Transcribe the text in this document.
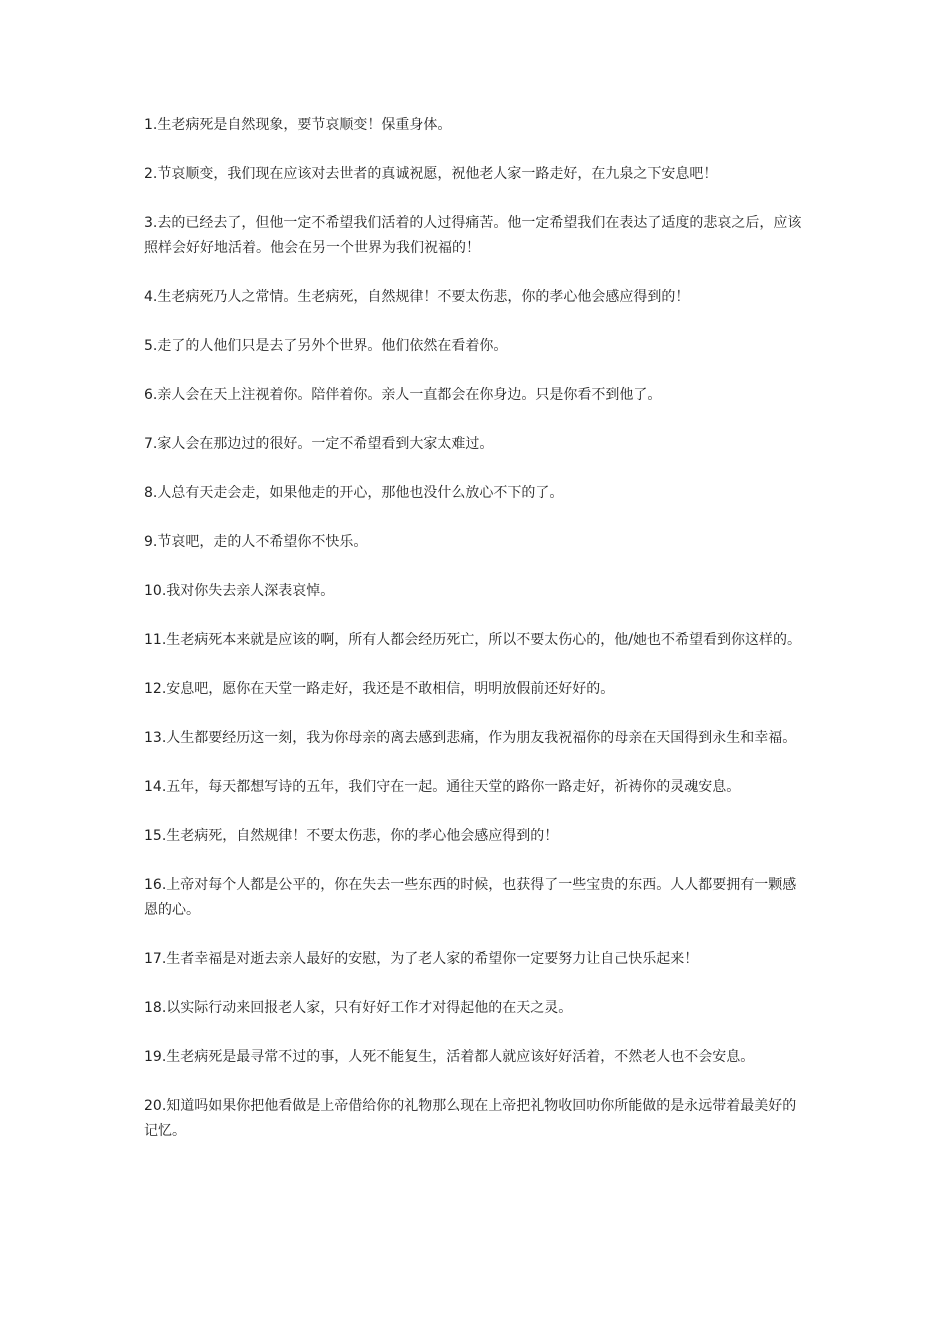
1.生老病死是自然现象，要节哀顺变！保重身体。

2.节哀顺变，我们现在应该对去世者的真诚祝愿，祝他老人家一路走好，在九泉之下安息吧！

3.去的已经去了，但他一定不希望我们活着的人过得痛苦。他一定希望我们在表达了适度的悲哀之后，应该照样会好好地活着。他会在另一个世界为我们祝福的！

4.生老病死乃人之常情。生老病死，自然规律！不要太伤悲，你的孝心他会感应得到的！

5.走了的人他们只是去了另外个世界。他们依然在看着你。

6.亲人会在天上注视着你。陪伴着你。亲人一直都会在你身边。只是你看不到他了。

7.家人会在那边过的很好。一定不希望看到大家太难过。

8.人总有天走会走，如果他走的开心，那他也没什么放心不下的了。

9.节哀吧，走的人不希望你不快乐。

10.我对你失去亲人深表哀悼。

11.生老病死本来就是应该的啊，所有人都会经历死亡，所以不要太伤心的，他/她也不希望看到你这样的。

12.安息吧，愿你在天堂一路走好，我还是不敢相信，明明放假前还好好的。

13.人生都要经历这一刻，我为你母亲的离去感到悲痛，作为朋友我祝福你的母亲在天国得到永生和幸福。

14.五年，每天都想写诗的五年，我们守在一起。通往天堂的路你一路走好，祈祷你的灵魂安息。

15.生老病死，自然规律！不要太伤悲，你的孝心他会感应得到的！

16.上帝对每个人都是公平的，你在失去一些东西的时候，也获得了一些宝贵的东西。人人都要拥有一颗感恩的心。

17.生者幸福是对逝去亲人最好的安慰，为了老人家的希望你一定要努力让自己快乐起来！

18.以实际行动来回报老人家，只有好好工作才对得起他的在天之灵。

19.生老病死是最寻常不过的事，人死不能复生，活着都人就应该好好活着，不然老人也不会安息。

20.知道吗如果你把他看做是上帝借给你的礼物那么现在上帝把礼物收回叻你所能做的是永远带着最美好的记忆。
